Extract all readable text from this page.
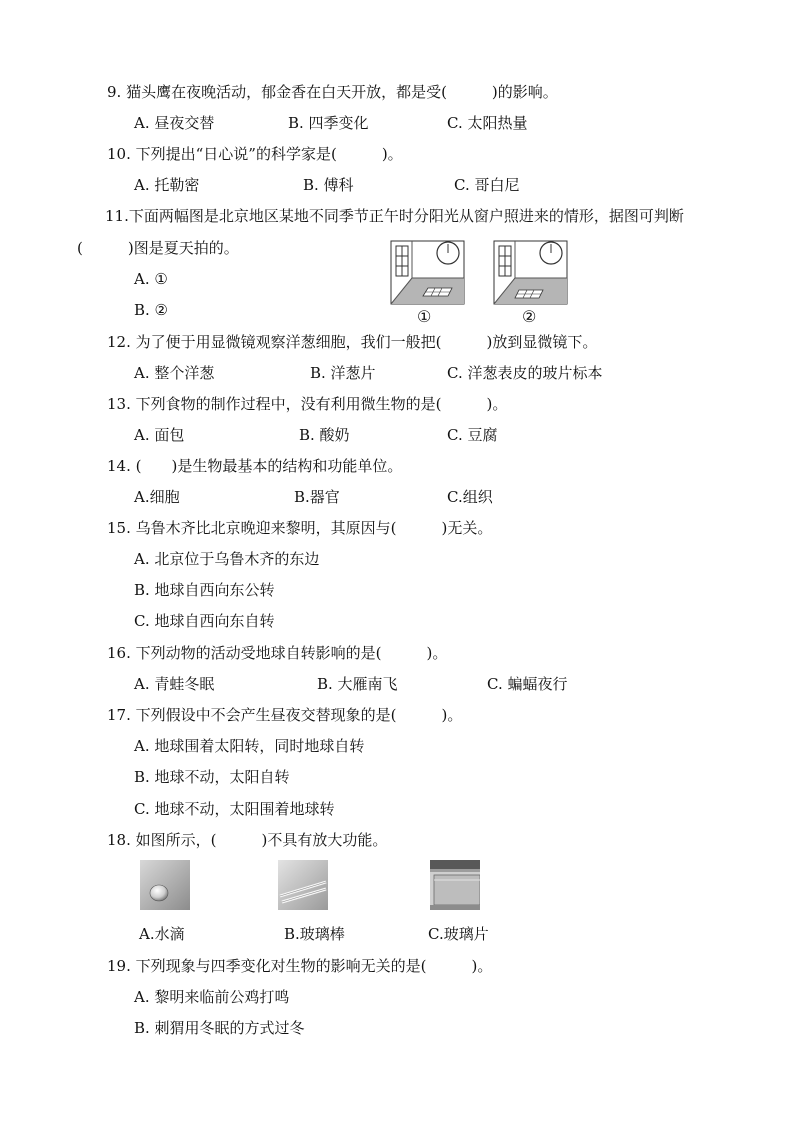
9. 猫头鹰在夜晚活动，郁金香在白天开放，都是受(　　　)的影响。
A. 昼夜交替	B. 四季变化	C. 太阳热量
10. 下列提出“日心说”的科学家是(　　　)。
A. 托勒密	B. 傅科	C. 哥白尼
11.下面两幅图是北京地区某地不同季节正午时分阳光从窗户照进来的情形，据图可判断
(　　　)图是夏天拍的。
A. ①
B. ②	①	②
12. 为了便于用显微镜观察洋葱细胞，我们一般把(　　　)放到显微镜下。
A. 整个洋葱	B. 洋葱片	C. 洋葱表皮的玻片标本
13. 下列食物的制作过程中，没有利用微生物的是(　　　)。
A. 面包	B. 酸奶	C. 豆腐
14. (　　)是生物最基本的结构和功能单位。
A.细胞	B.器官	C.组织
15. 乌鲁木齐比北京晚迎来黎明，其原因与(　　　)无关。
A. 北京位于乌鲁木齐的东边
B. 地球自西向东公转
C. 地球自西向东自转
16. 下列动物的活动受地球自转影响的是(　　　)。
A. 青蛙冬眠	B. 大雁南飞	C. 蝙蝠夜行
17. 下列假设中不会产生昼夜交替现象的是(　　　)。
A. 地球围着太阳转，同时地球自转
B. 地球不动，太阳自转
C. 地球不动，太阳围着地球转
18. 如图所示，(　　　)不具有放大功能。
A.水滴	B.玻璃棒	C.玻璃片
19. 下列现象与四季变化对生物的影响无关的是(　　　)。
A. 黎明来临前公鸡打鸣
B. 刺猬用冬眠的方式过冬
